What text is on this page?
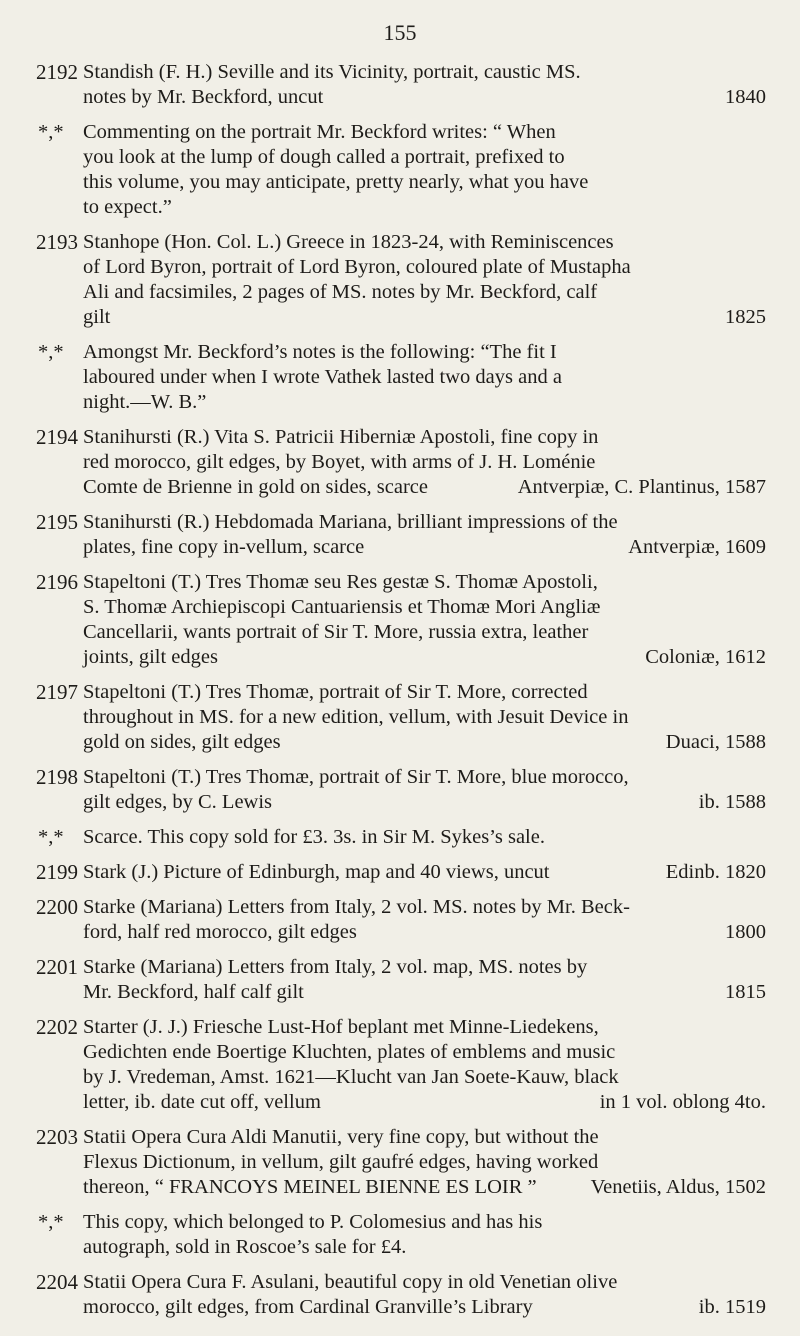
155
2192 Standish (F. H.) Seville and its Vicinity, portrait, caustic MS.
notes by Mr. Beckford, uncut	1840
*,* Commenting on the portrait Mr. Beckford writes: “ When
you look at the lump of dough called a portrait, prefixed to
this volume, you may anticipate, pretty nearly, what you have
to expect.”
2193 Stanhope (Hon. Col. L.) Greece in 1823-24, with Reminiscences
of Lord Byron, portrait of Lord Byron, coloured plate of Mustapha
Ali and facsimiles, 2 pages of MS. notes by Mr. Beckford, calf
gilt	1825
*,* Amongst Mr. Beckford’s notes is the following: “The fit I
laboured under when I wrote Vathek lasted two days and a
night.—W. B.”
2194 Stanihursti (R.) Vita S. Patricii Hiberniæ Apostoli, fine copy in
red morocco, gilt edges, by Boyet, with arms of J. H. Loménie
Comte de Brienne in gold on sides, scarce	Antverpiæ, C. Plantinus, 1587
2195 Stanihursti (R.) Hebdomada Mariana, brilliant impressions of the
plates, fine copy in-vellum, scarce	Antverpiæ, 1609
2196 Stapeltoni (T.) Tres Thomæ seu Res gestæ S. Thomæ Apostoli,
S. Thomæ Archiepiscopi Cantuariensis et Thomæ Mori Angliæ
Cancellarii, wants portrait of Sir T. More, russia extra, leather
joints, gilt edges	Coloniæ, 1612
2197 Stapeltoni (T.) Tres Thomæ, portrait of Sir T. More, corrected
throughout in MS. for a new edition, vellum, with Jesuit Device in
gold on sides, gilt edges	Duaci, 1588
2198 Stapeltoni (T.) Tres Thomæ, portrait of Sir T. More, blue morocco,
gilt edges, by C. Lewis	ib. 1588
*,* Scarce. This copy sold for £3. 3s. in Sir M. Sykes’s sale.
2199 Stark (J.) Picture of Edinburgh, map and 40 views, uncut	Edinb. 1820
2200 Starke (Mariana) Letters from Italy, 2 vol. MS. notes by Mr. Beck-
ford, half red morocco, gilt edges	1800
2201 Starke (Mariana) Letters from Italy, 2 vol. map, MS. notes by
Mr. Beckford, half calf gilt	1815
2202 Starter (J. J.) Friesche Lust-Hof beplant met Minne-Liedekens,
Gedichten ende Boertige Kluchten, plates of emblems and music
by J. Vredeman, Amst. 1621—Klucht van Jan Soete-Kauw, black
letter, ib. date cut off, vellum	in 1 vol. oblong 4to.
2203 Statii Opera Cura Aldi Manutii, very fine copy, but without the
Flexus Dictionum, in vellum, gilt gaufré edges, having worked
thereon, “ FRANCOYS MEINEL BIENNE ES LOIR ”	Venetiis, Aldus, 1502
*,* This copy, which belonged to P. Colomesius and has his
autograph, sold in Roscoe’s sale for £4.
2204 Statii Opera Cura F. Asulani, beautiful copy in old Venetian olive
morocco, gilt edges, from Cardinal Granville’s Library	ib. 1519
